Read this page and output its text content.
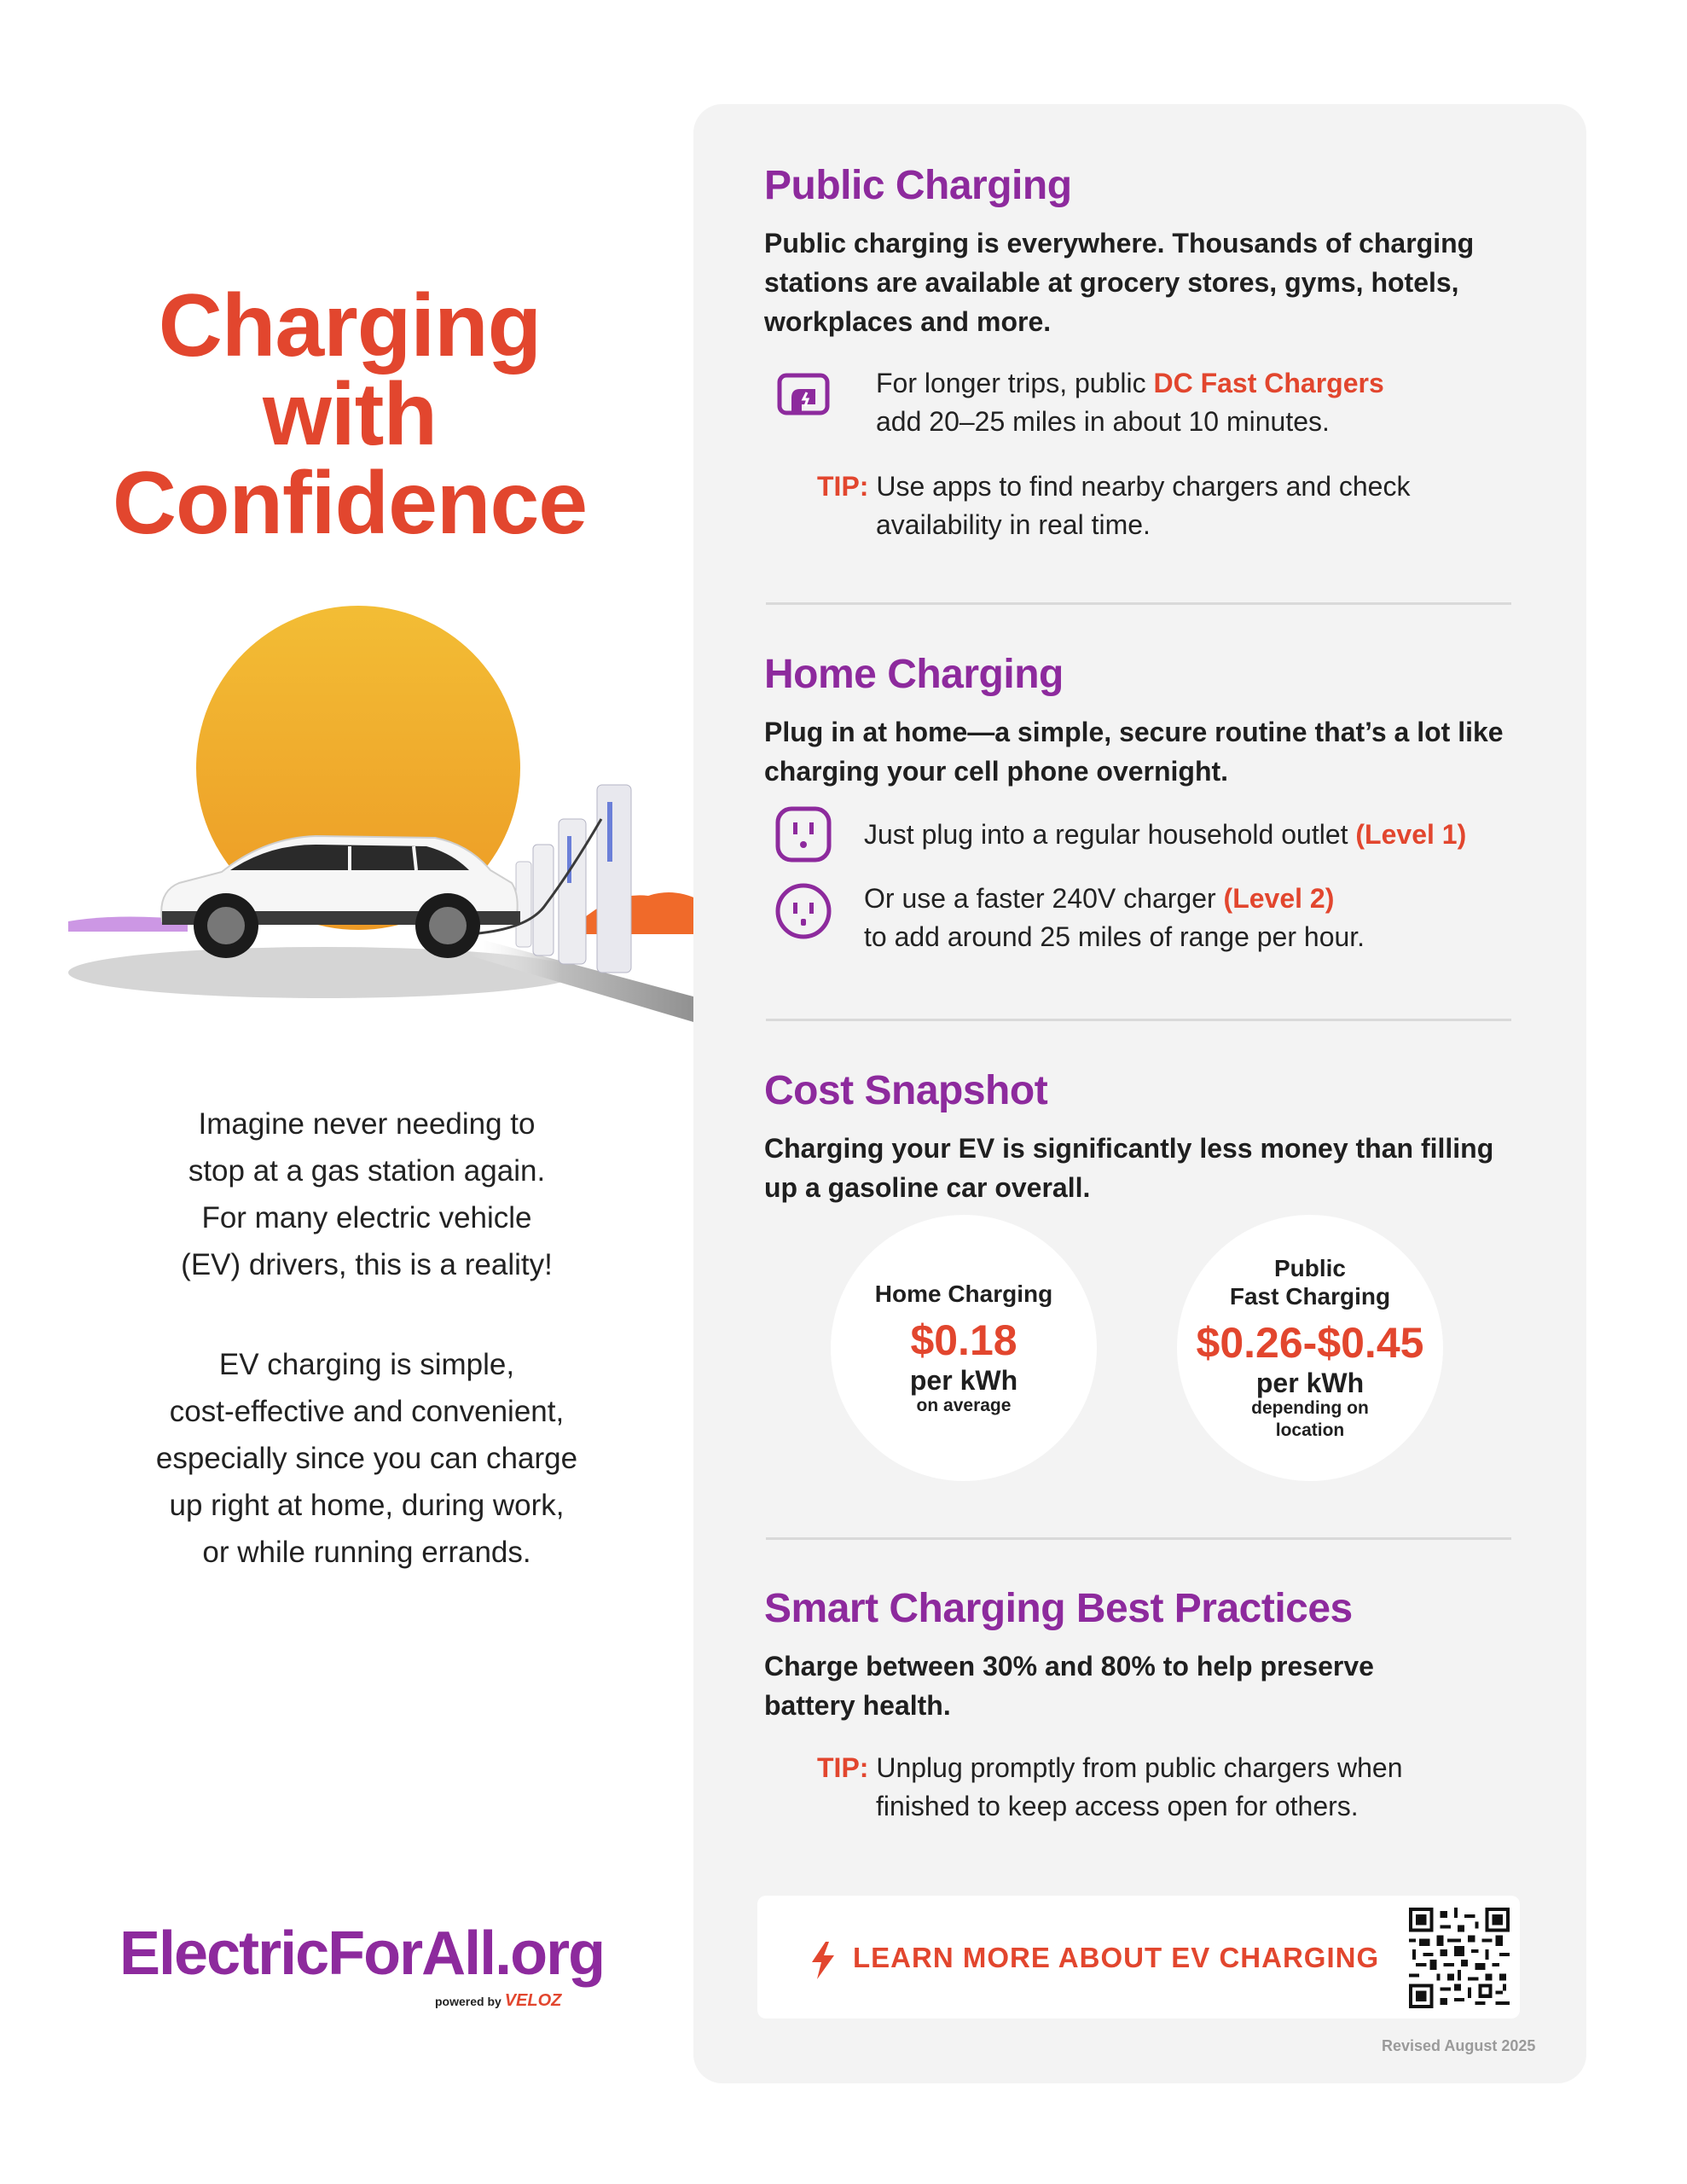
Charging
with
Confidence

Imagine never needing to
stop at a gas station again.
For many electric vehicle
(EV) drivers, this is a reality!

EV charging is simple,
cost-effective and convenient,
especially since you can charge
up right at home, during work,
or while running errands.

ElectricForAll.org
powered by VELOZ
Public Charging
Public charging is everywhere. Thousands of charging
stations are available at grocery stores, gyms, hotels,
workplaces and more.
For longer trips, public DC Fast Chargers
add 20–25 miles in about 10 minutes.
TIP: Use apps to find nearby chargers and check
availability in real time.
Home Charging
Plug in at home—a simple, secure routine that’s a lot like
charging your cell phone overnight.
Just plug into a regular household outlet (Level 1)
Or use a faster 240V charger (Level 2)
to add around 25 miles of range per hour.
Cost Snapshot
Charging your EV is significantly less money than filling
up a gasoline car overall.
Home Charging
$0.18
per kWh
on average
Public
Fast Charging
$0.26-$0.45
per kWh
depending on
location
Smart Charging Best Practices
Charge between 30% and 80% to help preserve
battery health.
TIP: Unplug promptly from public chargers when
finished to keep access open for others.
LEARN MORE ABOUT EV CHARGING
Revised August 2025
